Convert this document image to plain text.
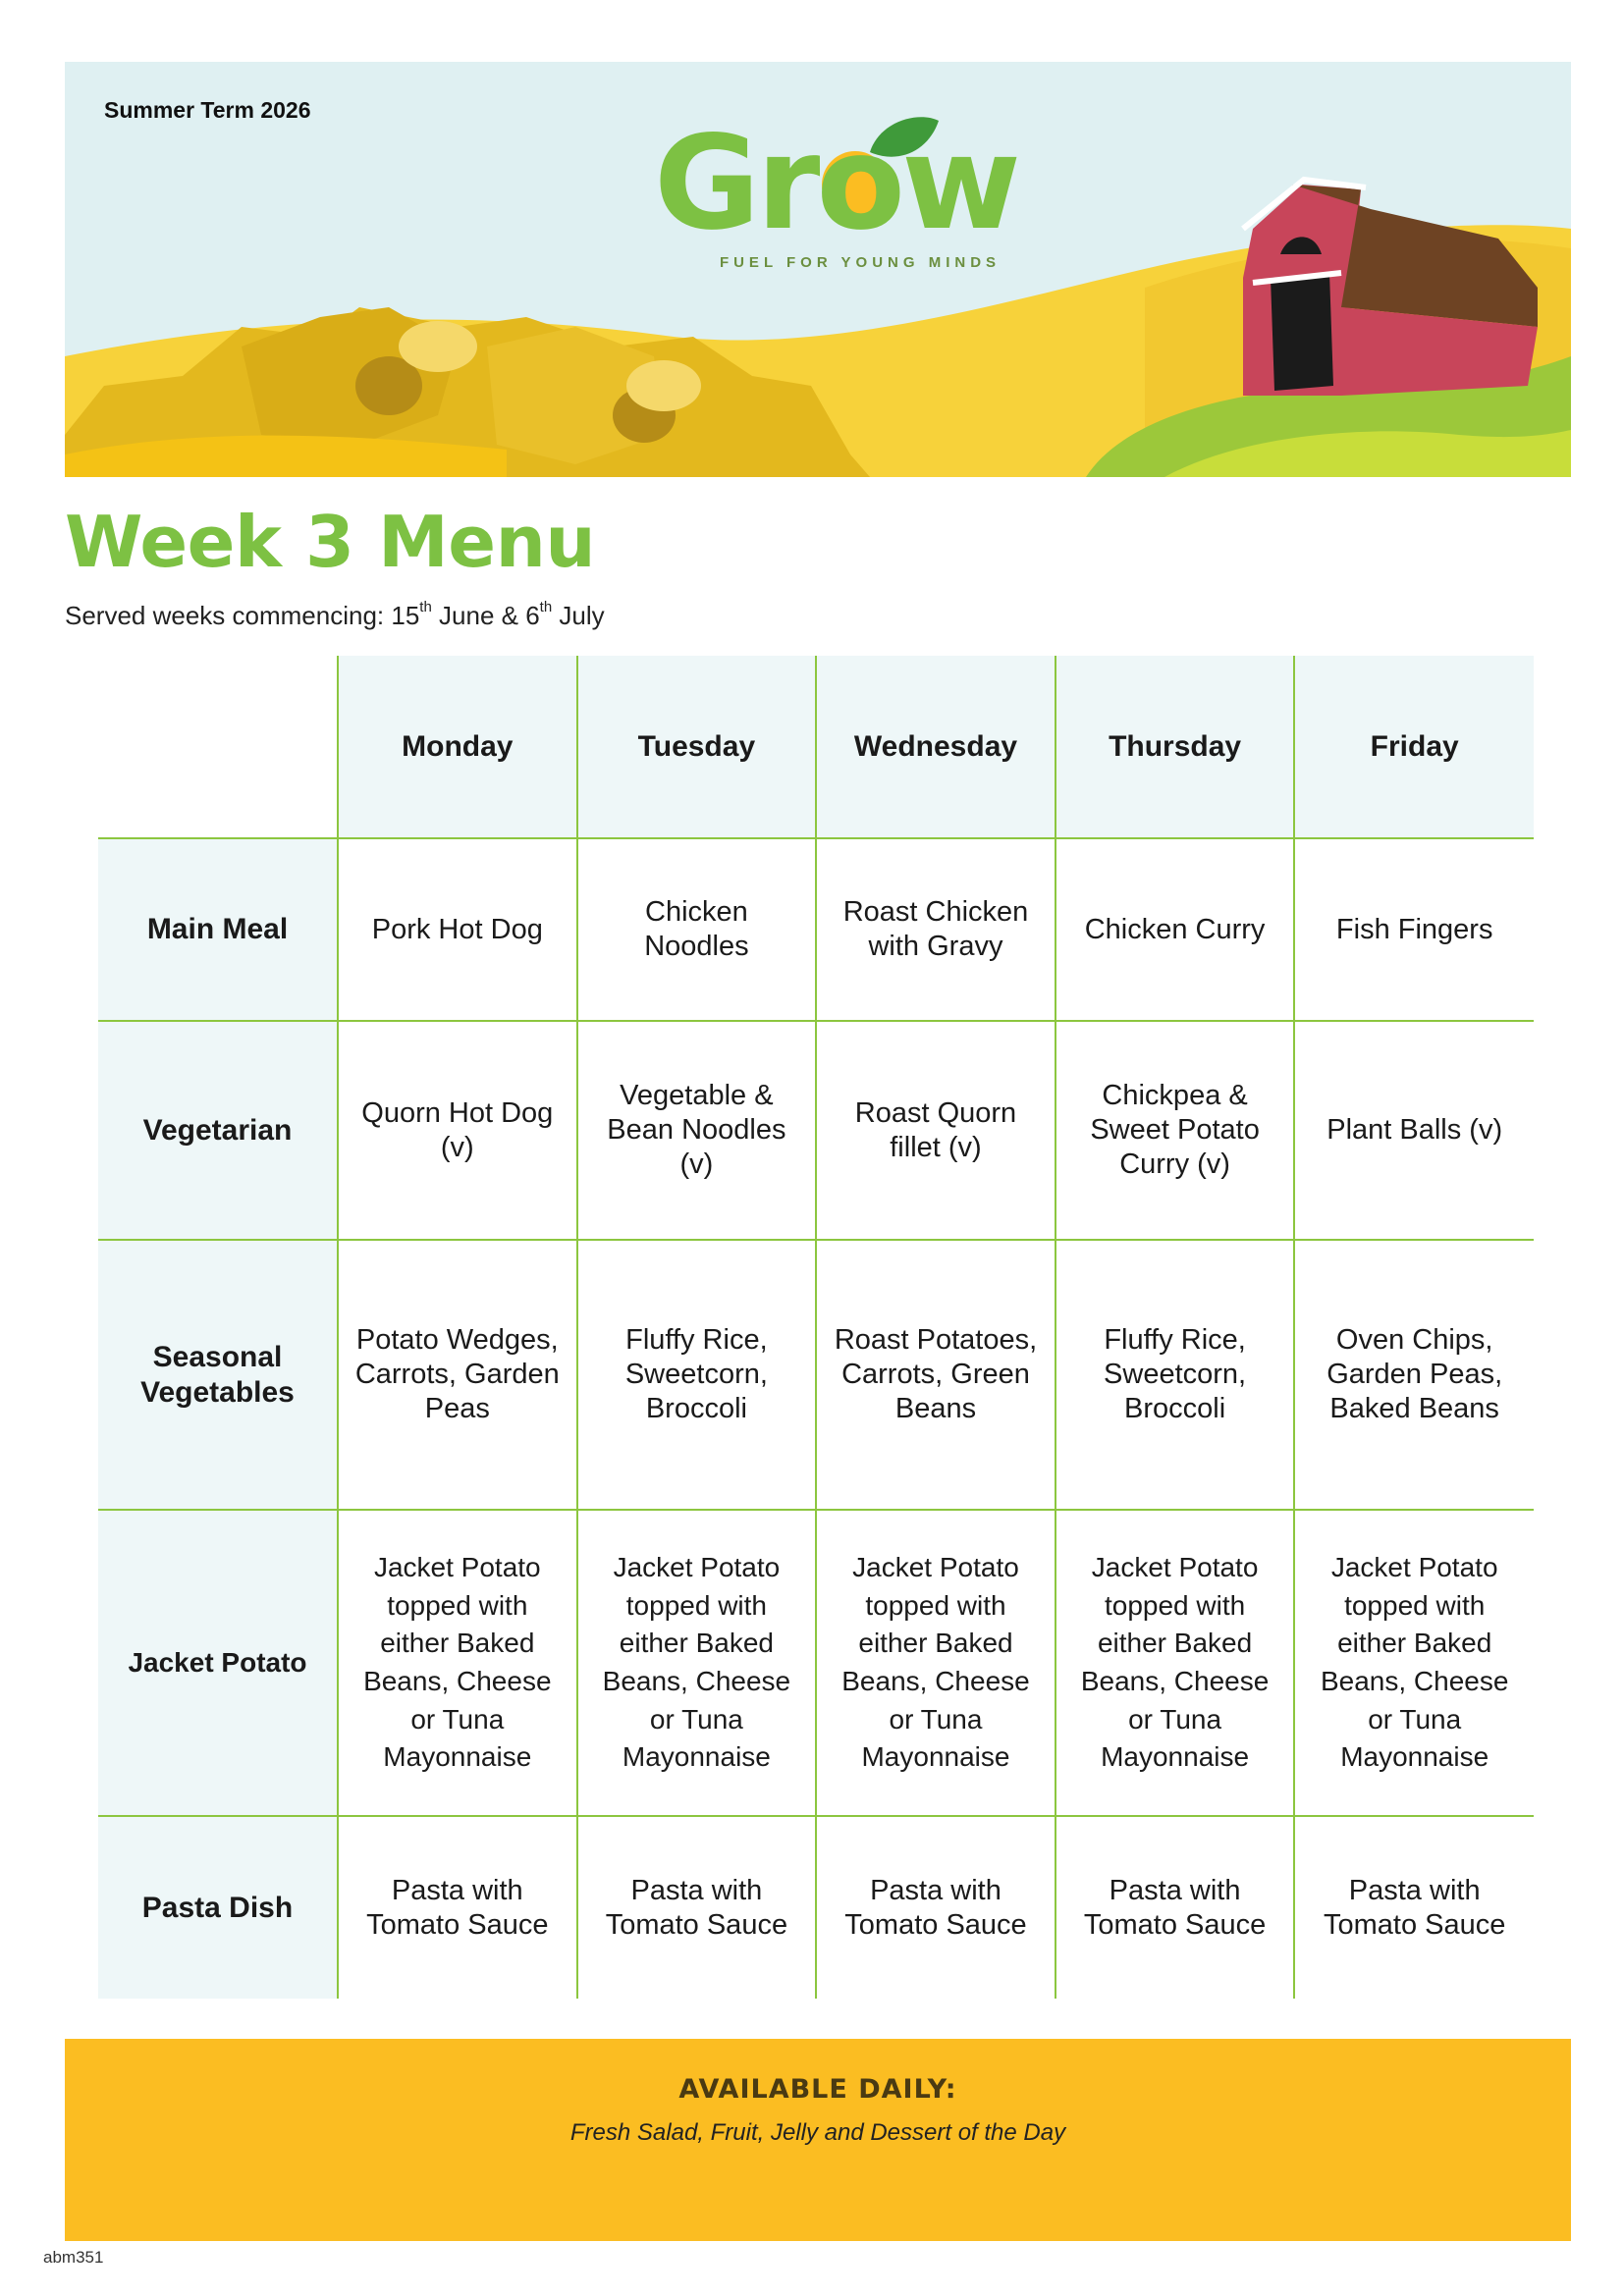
Summer Term 2026	Grow
FUEL FOR YOUNG MINDS
Week 3 Menu
Served weeks commencing: 15th June & 6th July
	Monday	Tuesday	Wednesday	Thursday	Friday
Main Meal	Pork Hot Dog	Chicken Noodles	Roast Chicken with Gravy	Chicken Curry	Fish Fingers
Vegetarian	Quorn Hot Dog (v)	Vegetable & Bean Noodles (v)	Roast Quorn fillet (v)	Chickpea & Sweet Potato Curry (v)	Plant Balls (v)
Seasonal Vegetables	Potato Wedges, Carrots, Garden Peas	Fluffy Rice, Sweetcorn, Broccoli	Roast Potatoes, Carrots, Green Beans	Fluffy Rice, Sweetcorn, Broccoli	Oven Chips, Garden Peas, Baked Beans
Jacket Potato	Jacket Potato topped with either Baked Beans, Cheese or Tuna Mayonnaise	Jacket Potato topped with either Baked Beans, Cheese or Tuna Mayonnaise	Jacket Potato topped with either Baked Beans, Cheese or Tuna Mayonnaise	Jacket Potato topped with either Baked Beans, Cheese or Tuna Mayonnaise	Jacket Potato topped with either Baked Beans, Cheese or Tuna Mayonnaise
Pasta Dish	Pasta with Tomato Sauce	Pasta with Tomato Sauce	Pasta with Tomato Sauce	Pasta with Tomato Sauce	Pasta with Tomato Sauce
AVAILABLE DAILY:
Fresh Salad, Fruit, Jelly and Dessert of the Day
abm351
